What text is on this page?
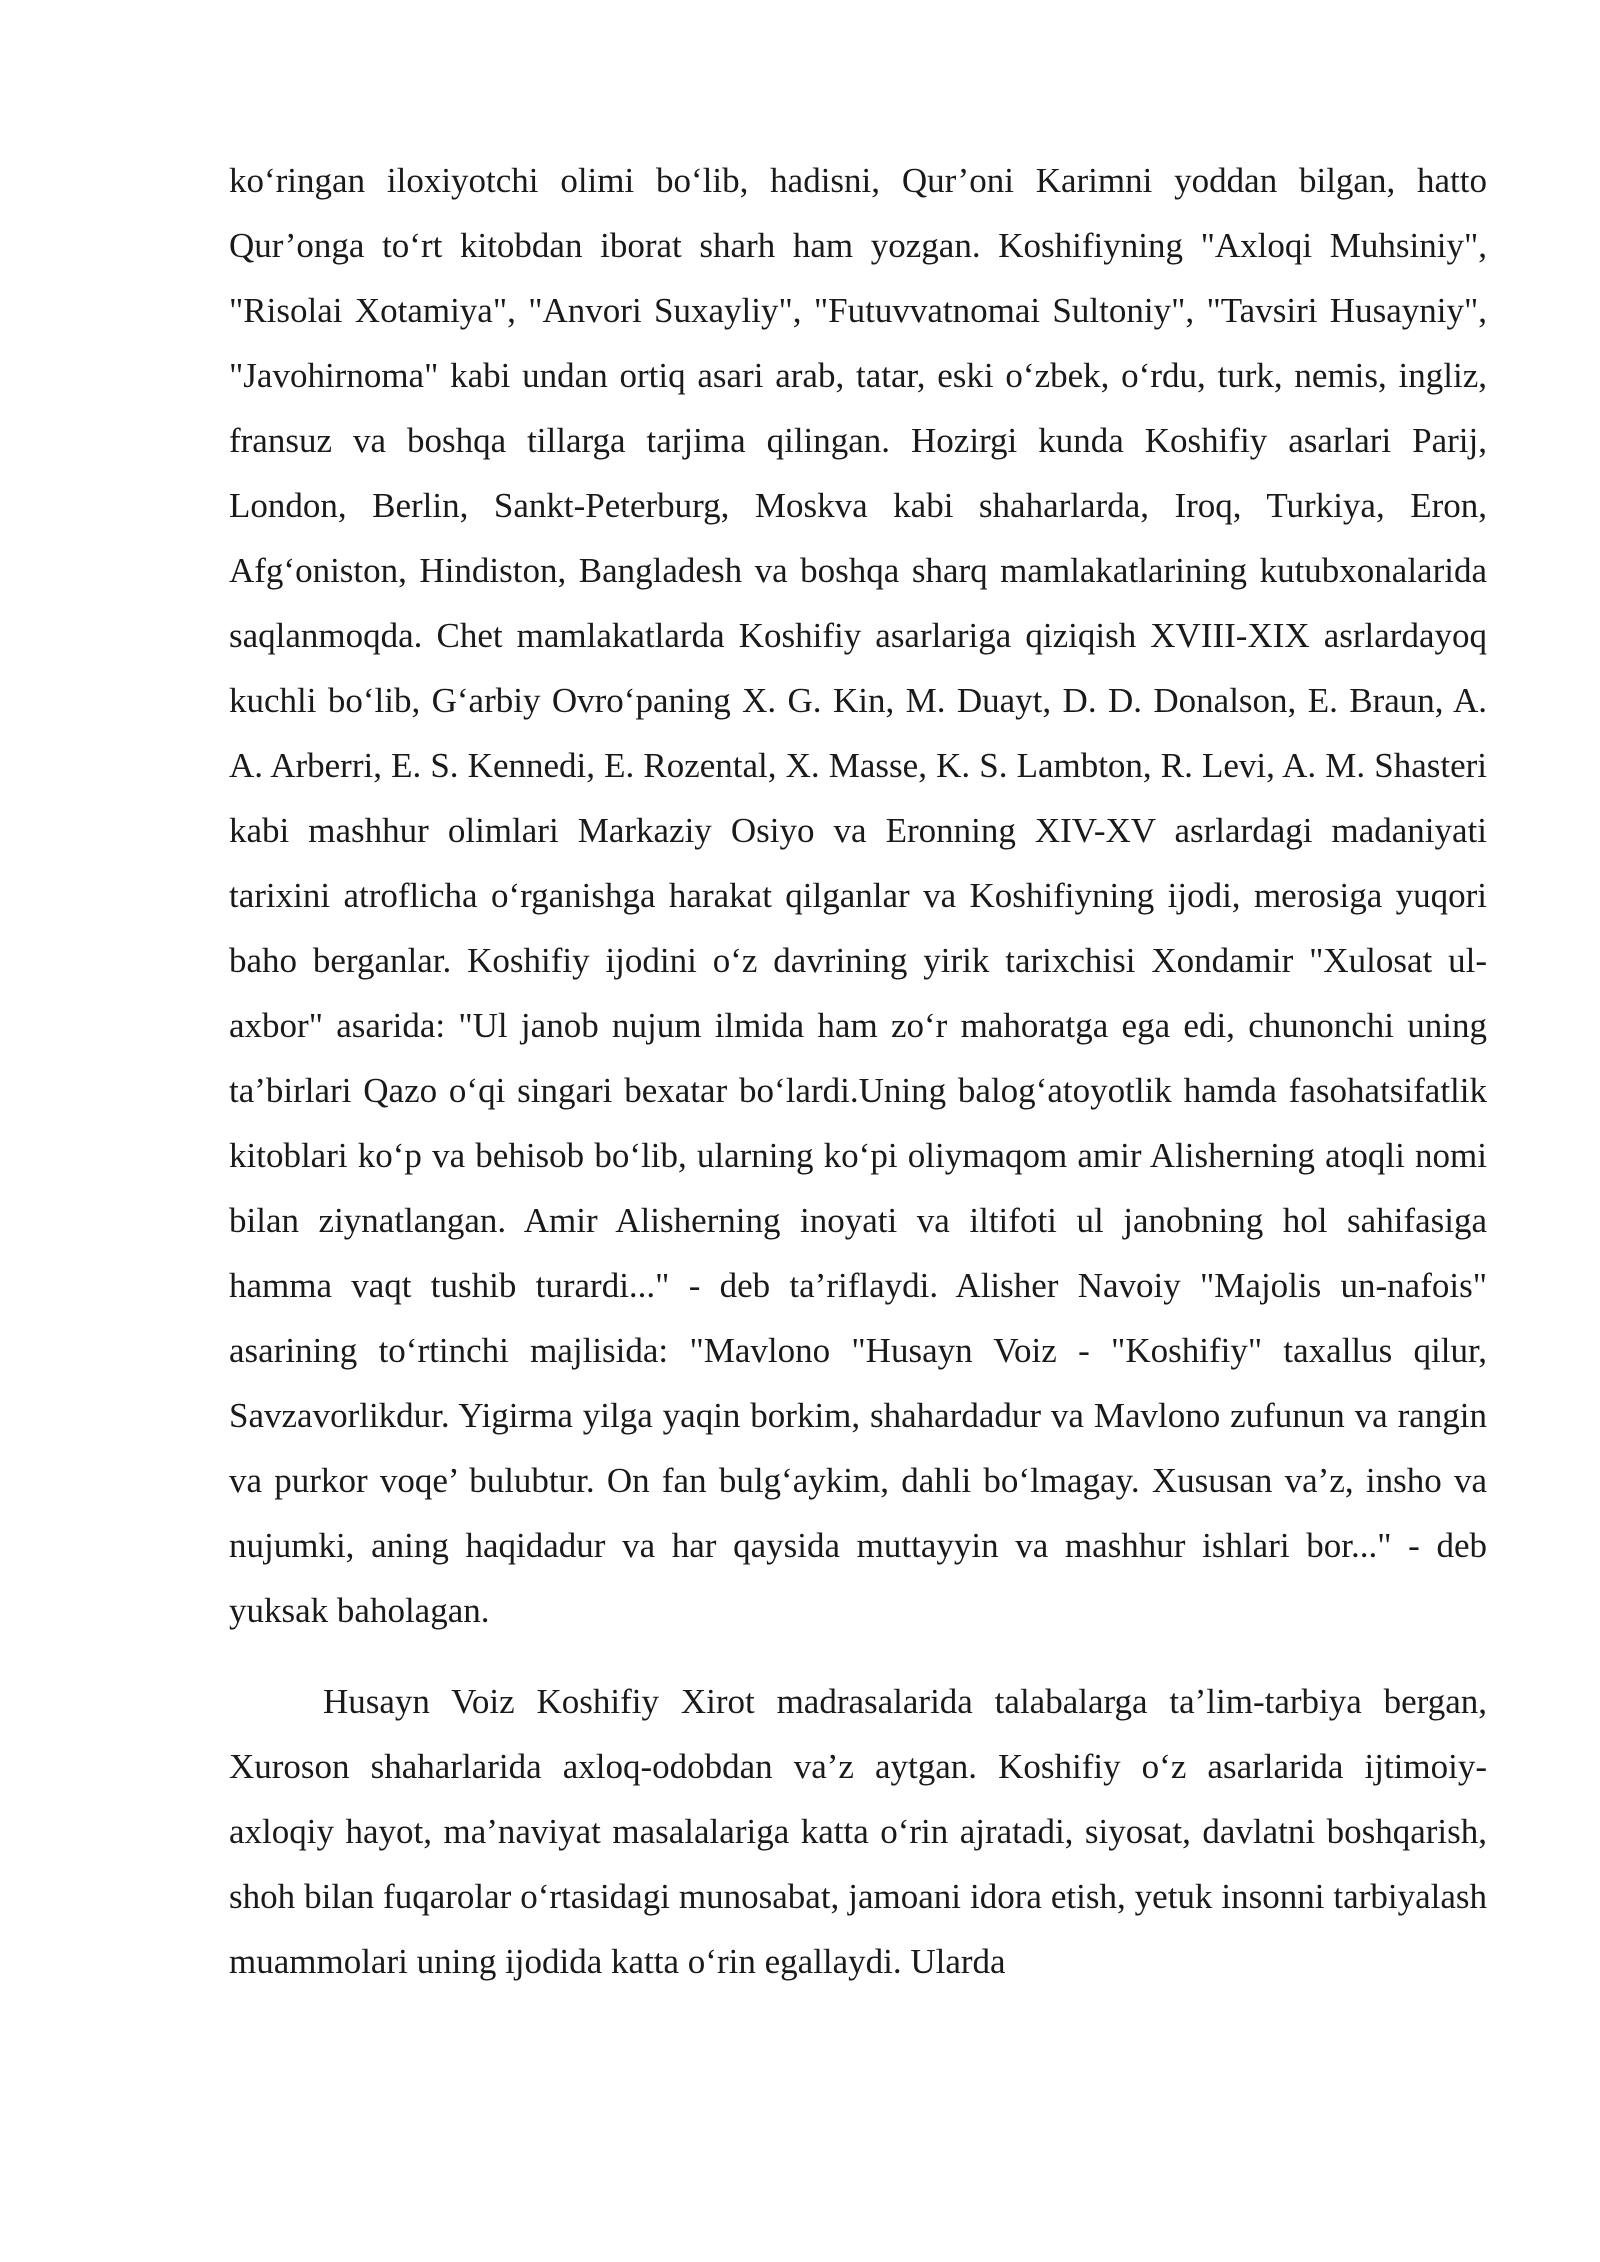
ko‘ringan iloxiyotchi olimi bo‘lib, hadisni, Qur’oni Karimni yoddan bilgan, hatto Qur’onga to‘rt kitobdan iborat sharh ham yozgan. Koshifiyning "Axloqi Muhsiniy", "Risolai Xotamiya", "Anvori Suxayliy", "Futuvvatnomai Sultoniy", "Tavsiri Husayniy", "Javohirnoma" kabi undan ortiq asari arab, tatar, eski o‘zbek, o‘rdu, turk, nemis, ingliz, fransuz va boshqa tillarga tarjima qilingan. Hozirgi kunda Koshifiy asarlari Parij, London, Berlin, Sankt-Peterburg, Moskva kabi shaharlarda, Iroq, Turkiya, Eron, Afg‘oniston, Hindiston, Bangladesh va boshqa sharq mamlakatlarining kutubxonalarida saqlanmoqda. Chet mamlakatlarda Koshifiy asarlariga qiziqish XVIII-XIX asrlardayoq kuchli bo‘lib, G‘arbiy Ovro‘paning X. G. Kin, M. Duayt, D. D. Donalson, E. Braun, A. A. Arberri, E. S. Kennedi, E. Rozental, X. Masse, K. S. Lambton, R. Levi, A. M. Shasteri kabi mashhur olimlari Markaziy Osiyo va Eronning XIV-XV asrlardagi madaniyati tarixini atroflicha o‘rganishga harakat qilganlar va Koshifiyning ijodi, merosiga yuqori baho berganlar. Koshifiy ijodini o‘z davrining yirik tarixchisi Xondamir "Xulosat ul-axbor" asarida: "Ul janob nujum ilmida ham zo‘r mahoratga ega edi, chunonchi uning ta’birlari Qazo o‘qi singari bexatar bo‘lardi.Uning balog‘atoyotlik hamda fasohatsifatlik kitoblari ko‘p va behisob bo‘lib, ularning ko‘pi oliymaqom amir Alisherning atoqli nomi bilan ziynatlangan. Amir Alisherning inoyati va iltifoti ul janobning hol sahifasiga hamma vaqt tushib turardi..." - deb ta’riflaydi. Alisher Navoiy "Majolis un-nafois" asarining to‘rtinchi majlisida: "Mavlono "Husayn Voiz - "Koshifiy" taxallus qilur, Savzavorlikdur. Yigirma yilga yaqin borkim, shahardadur va Mavlono zufunun va rangin va purkor voqe’ bulubtur. On fan bulg‘aykim, dahli bo‘lmagay. Xususan va’z, insho va nujumki, aning haqidadur va har qaysida muttayyin va mashhur ishlari bor..." - deb yuksak baholagan.

Husayn Voiz Koshifiy Xirot madrasalarida talabalarga ta’lim-tarbiya bergan, Xuroson shaharlarida axloq-odobdan va’z aytgan. Koshifiy o‘z asarlarida ijtimoiy-axloqiy hayot, ma’naviyat masalalariga katta o‘rin ajratadi, siyosat, davlatni boshqarish, shoh bilan fuqarolar o‘rtasidagi munosabat, jamoani idora etish, yetuk insonni tarbiyalash muammolari uning ijodida katta o‘rin egallaydi. Ularda
